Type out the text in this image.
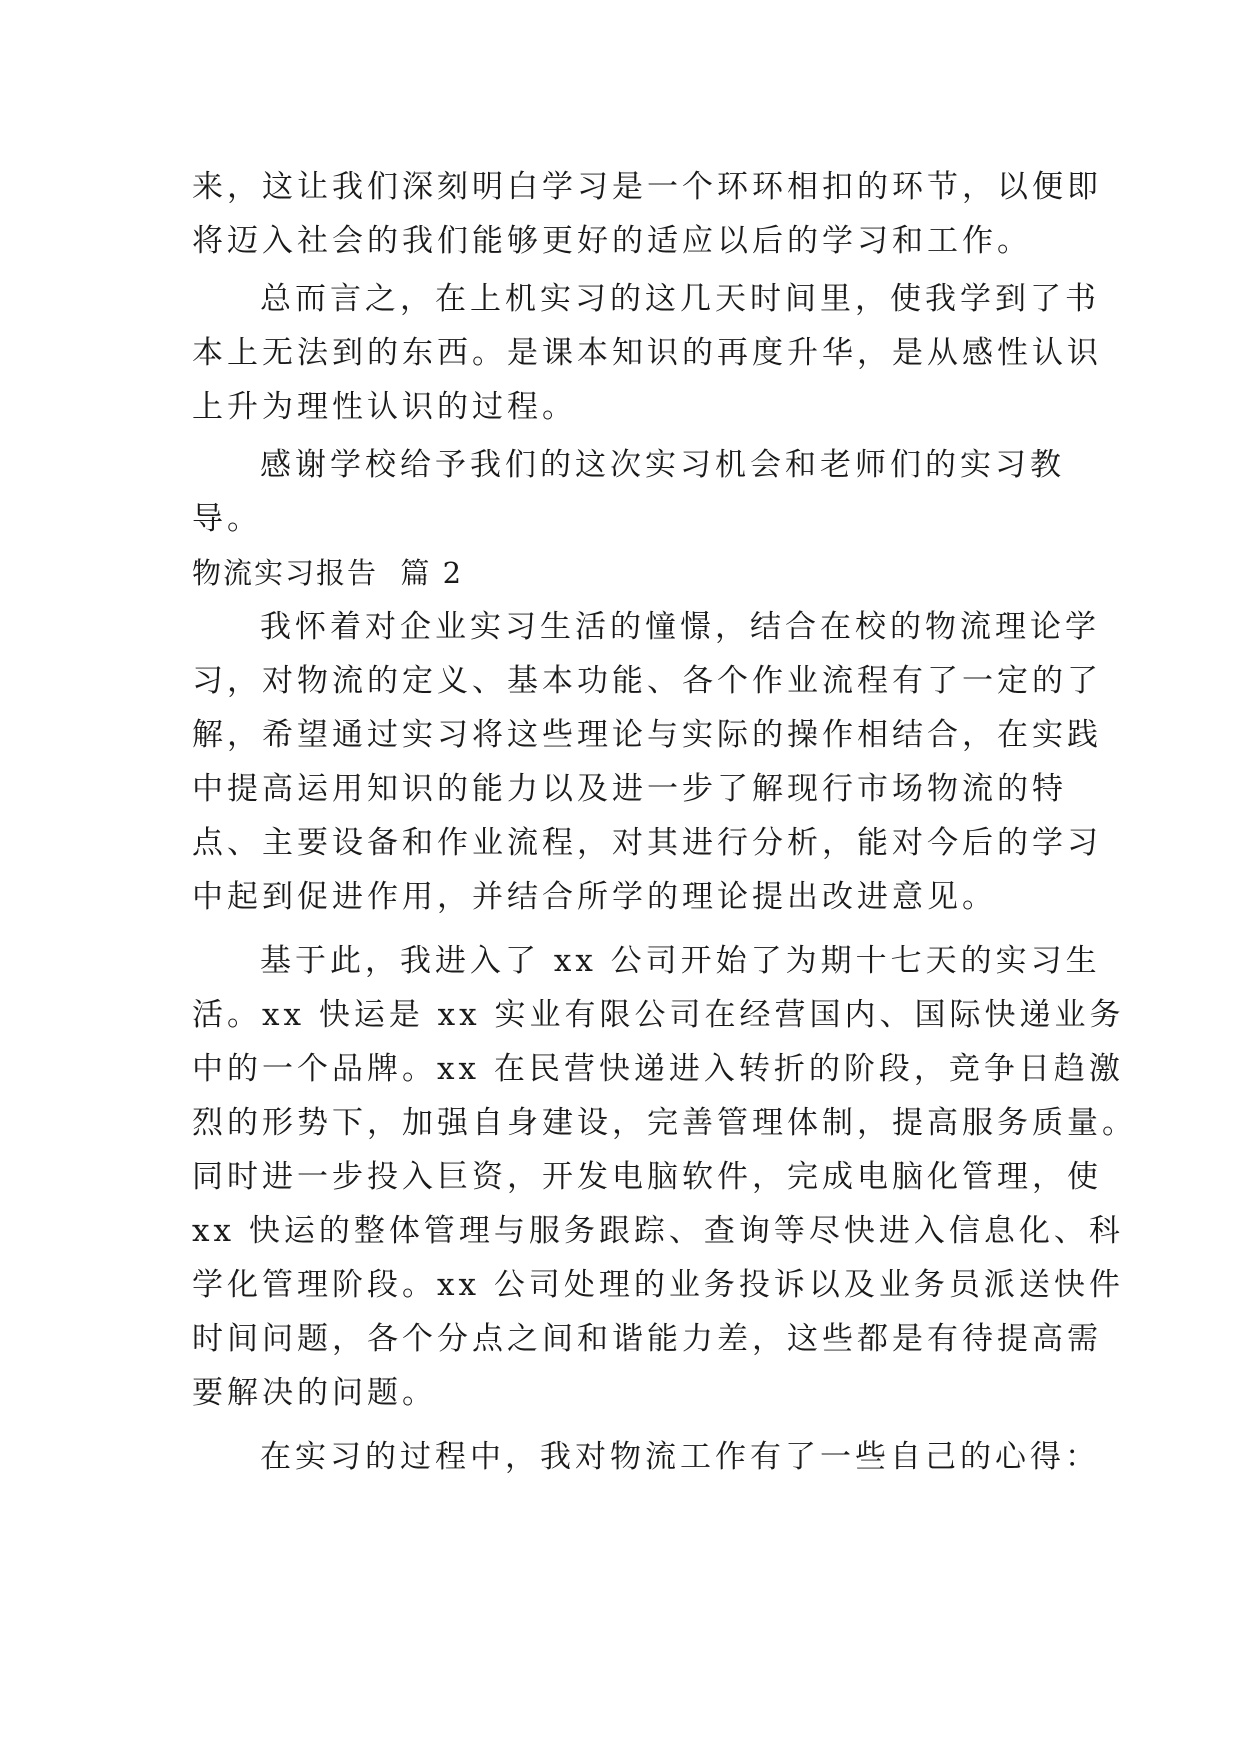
来，这让我们深刻明白学习是一个环环相扣的环节，以便即
将迈入社会的我们能够更好的适应以后的学习和工作。
总而言之，在上机实习的这几天时间里，使我学到了书
本上无法到的东西。是课本知识的再度升华，是从感性认识
上升为理性认识的过程。
感谢学校给予我们的这次实习机会和老师们的实习教
导。
物流实习报告  篇 2
我怀着对企业实习生活的憧憬，结合在校的物流理论学
习，对物流的定义、基本功能、各个作业流程有了一定的了
解，希望通过实习将这些理论与实际的操作相结合，在实践
中提高运用知识的能力以及进一步了解现行市场物流的特
点、主要设备和作业流程，对其进行分析，能对今后的学习
中起到促进作用，并结合所学的理论提出改进意见。
基于此，我进入了 xx 公司开始了为期十七天的实习生
活。xx 快运是 xx 实业有限公司在经营国内、国际快递业务
中的一个品牌。xx 在民营快递进入转折的阶段，竞争日趋激
烈的形势下，加强自身建设，完善管理体制，提高服务质量。
同时进一步投入巨资，开发电脑软件，完成电脑化管理，使
xx 快运的整体管理与服务跟踪、查询等尽快进入信息化、科
学化管理阶段。xx 公司处理的业务投诉以及业务员派送快件
时间问题，各个分点之间和谐能力差，这些都是有待提高需
要解决的问题。
在实习的过程中，我对物流工作有了一些自己的心得：
